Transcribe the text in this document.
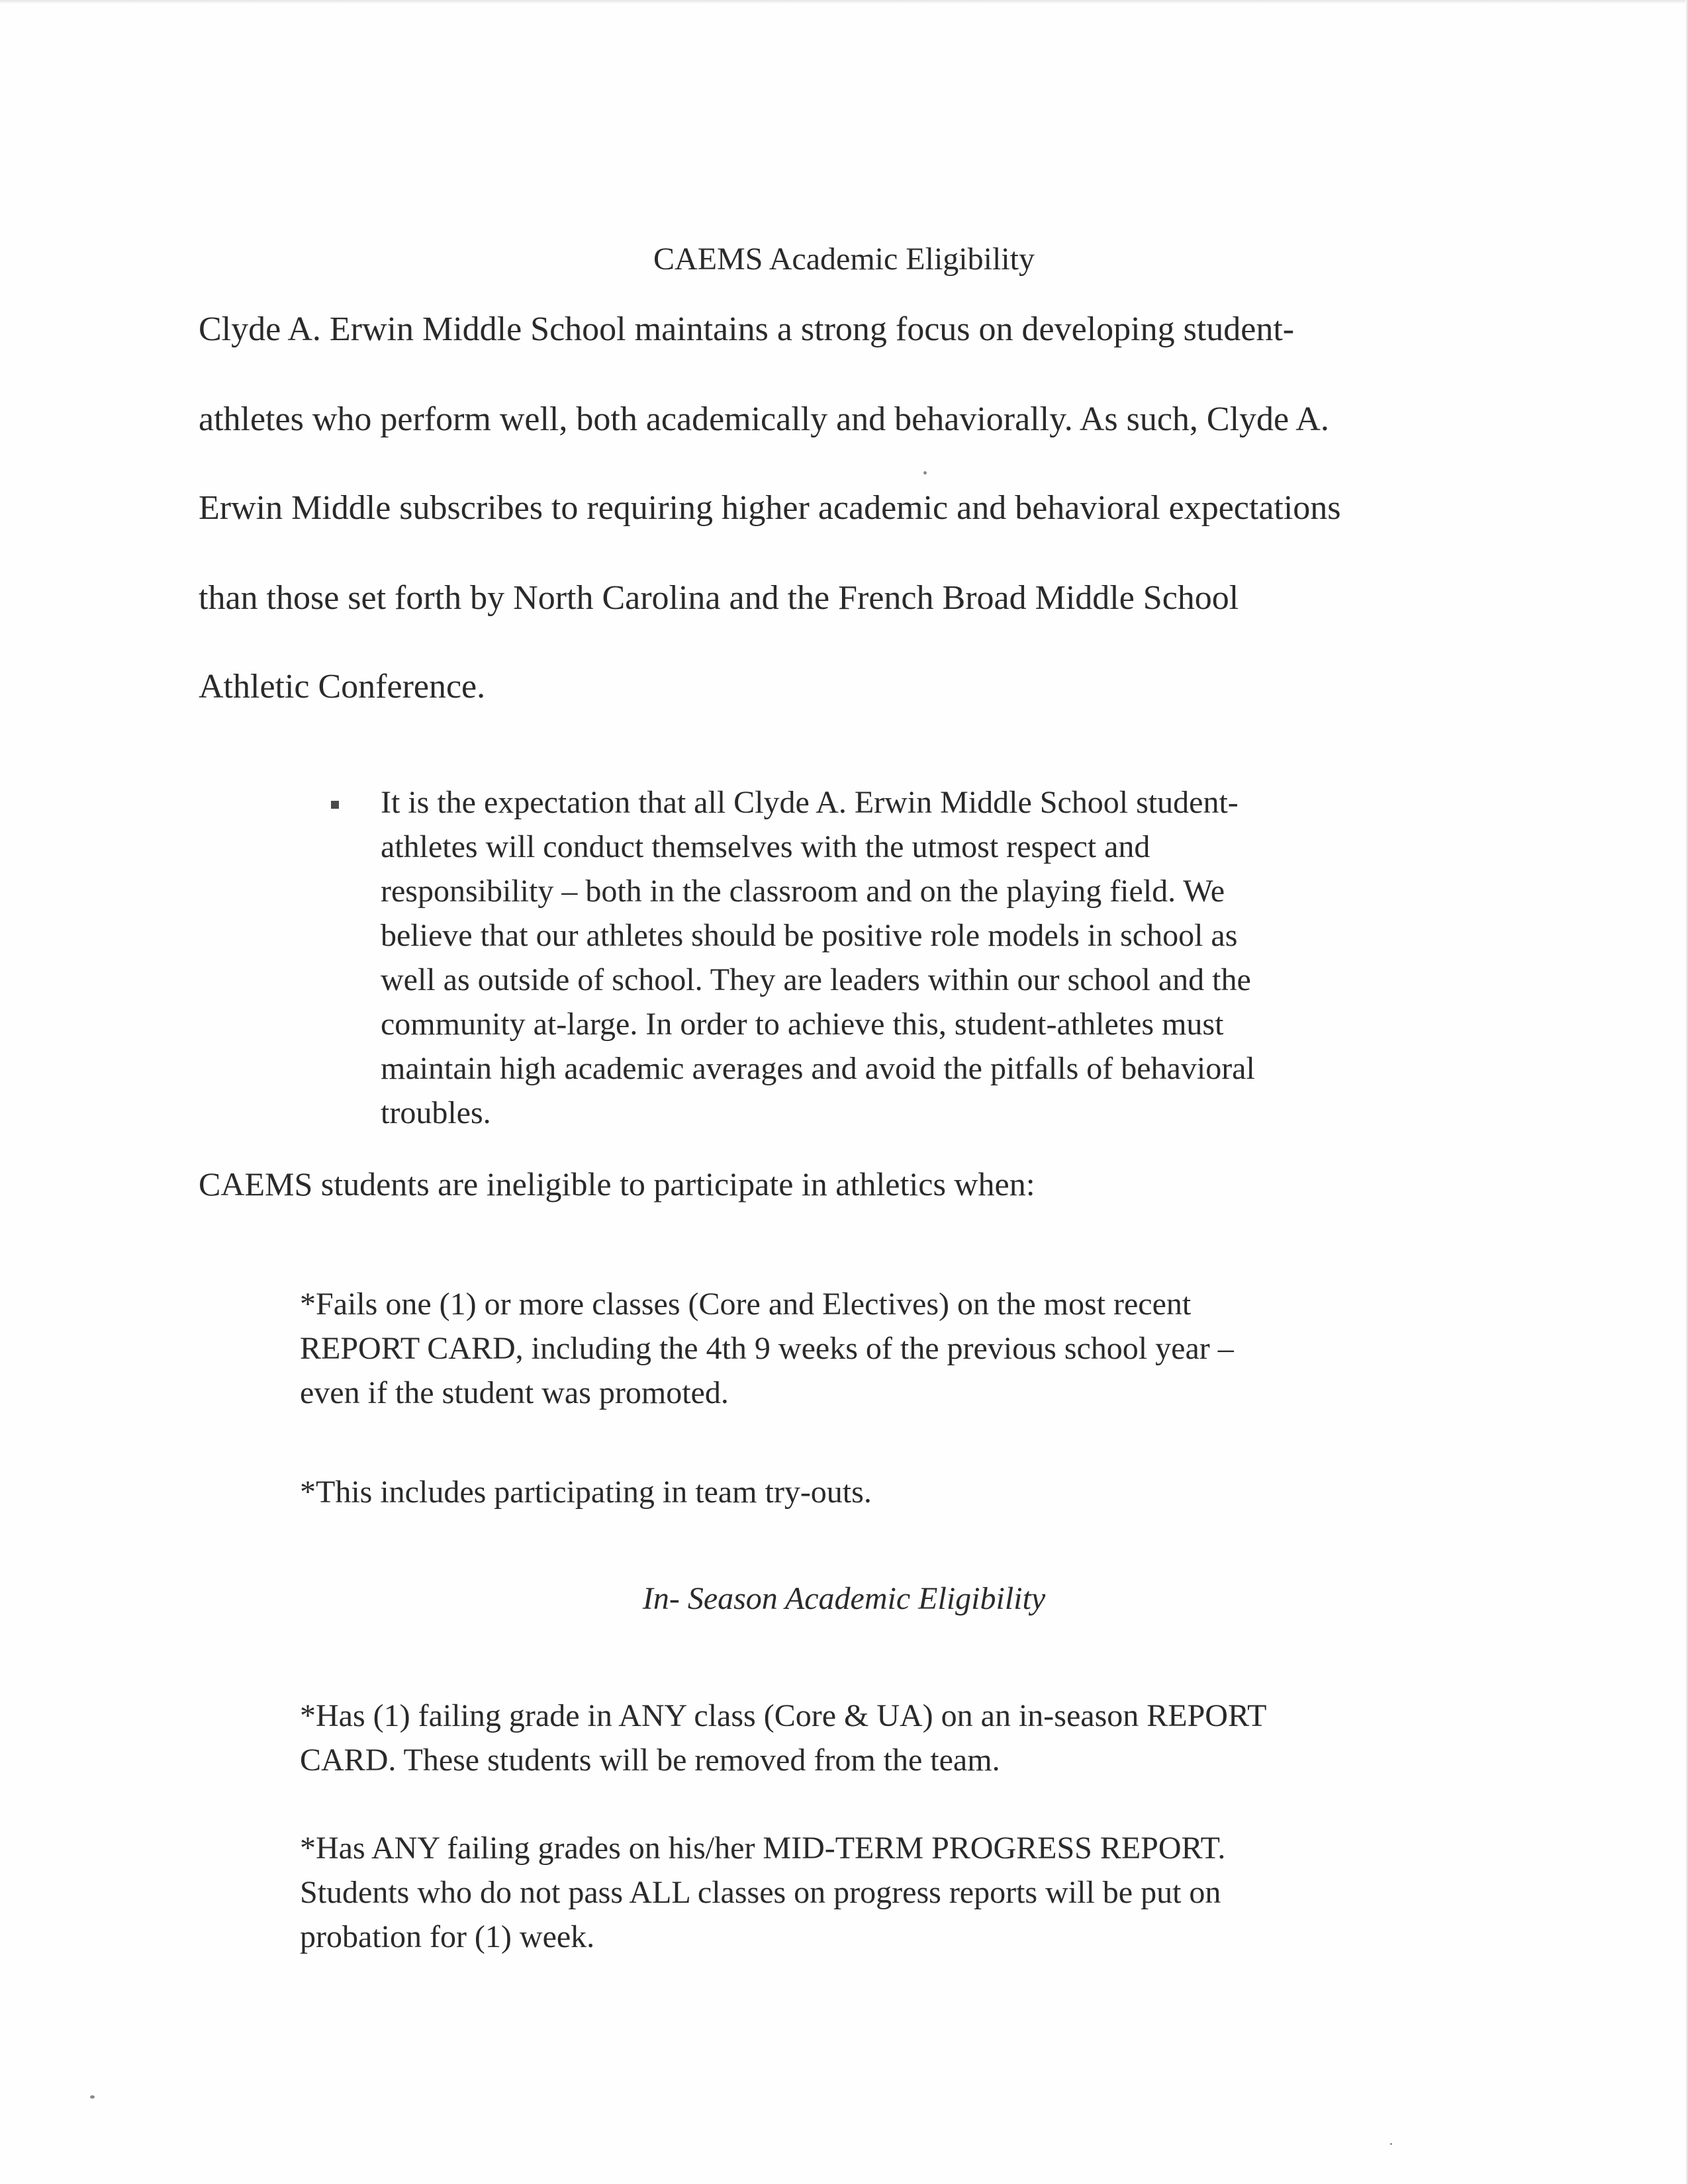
CAEMS Academic Eligibility

Clyde A. Erwin Middle School maintains a strong focus on developing student-

athletes who perform well, both academically and behaviorally. As such, Clyde A.

Erwin Middle subscribes to requiring higher academic and behavioral expectations

than those set forth by North Carolina and the French Broad Middle School

Athletic Conference.

It is the expectation that all Clyde A. Erwin Middle School student-

athletes will conduct themselves with the utmost respect and

responsibility – both in the classroom and on the playing field. We

believe that our athletes should be positive role models in school as

well as outside of school. They are leaders within our school and the

community at-large. In order to achieve this, student-athletes must

maintain high academic averages and avoid the pitfalls of behavioral

troubles.

CAEMS students are ineligible to participate in athletics when:

*Fails one (1) or more classes (Core and Electives) on the most recent

REPORT CARD, including the 4th 9 weeks of the previous school year –

even if the student was promoted.

*This includes participating in team try-outs.

In- Season Academic Eligibility

*Has (1) failing grade in ANY class (Core & UA) on an in-season REPORT

CARD. These students will be removed from the team.

*Has ANY failing grades on his/her MID-TERM PROGRESS REPORT.

Students who do not pass ALL classes on progress reports will be put on

probation for (1) week.
